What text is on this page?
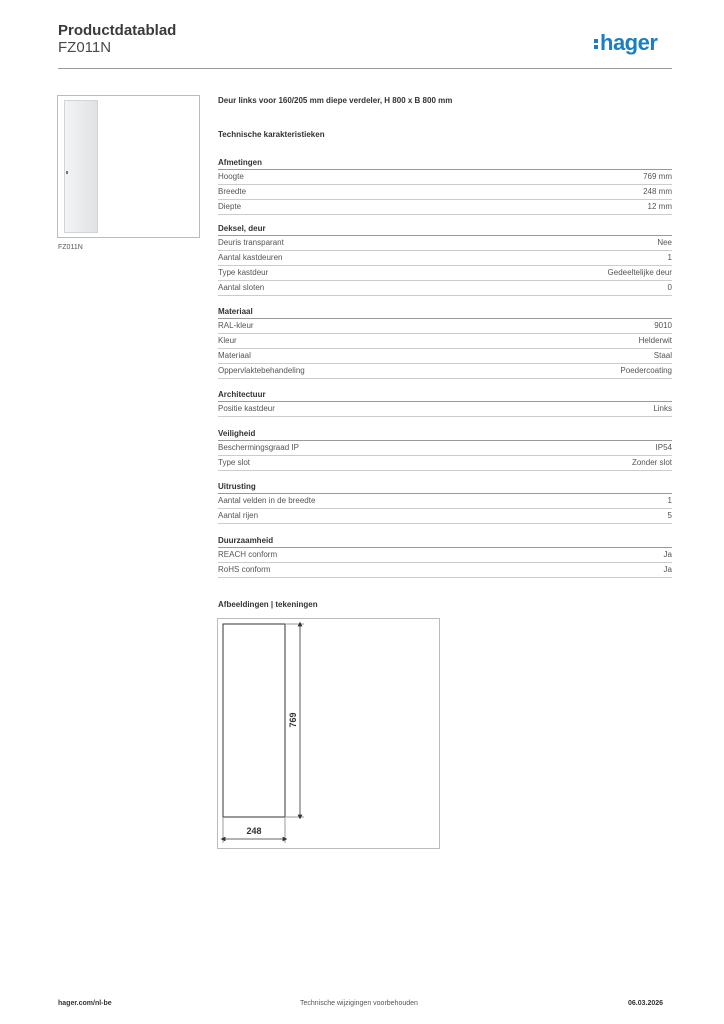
Productdatablad
FZ011N	hager
FZ011N
Deur links voor 160/205 mm diepe verdeler, H 800 x B 800 mm
Technische karakteristieken
Afmetingen
Hoogte	769 mm
Breedte	248 mm
Diepte	12 mm
Deksel, deur
Deuris transparant	Nee
Aantal kastdeuren	1
Type kastdeur	Gedeeltelijke deur
Aantal sloten	0
Materiaal
RAL-kleur	9010
Kleur	Helderwit
Materiaal	Staal
Oppervlaktebehandeling	Poedercoating
Architectuur
Positie kastdeur	Links
Veiligheid
Beschermingsgraad IP	IP54
Type slot	Zonder slot
Uitrusting
Aantal velden in de breedte	1
Aantal rijen	5
Duurzaamheid
REACH conform	Ja
RoHS conform	Ja
Afbeeldingen | tekeningen
769
248
hager.com/nl-be	Technische wijzigingen voorbehouden	06.03.2026
